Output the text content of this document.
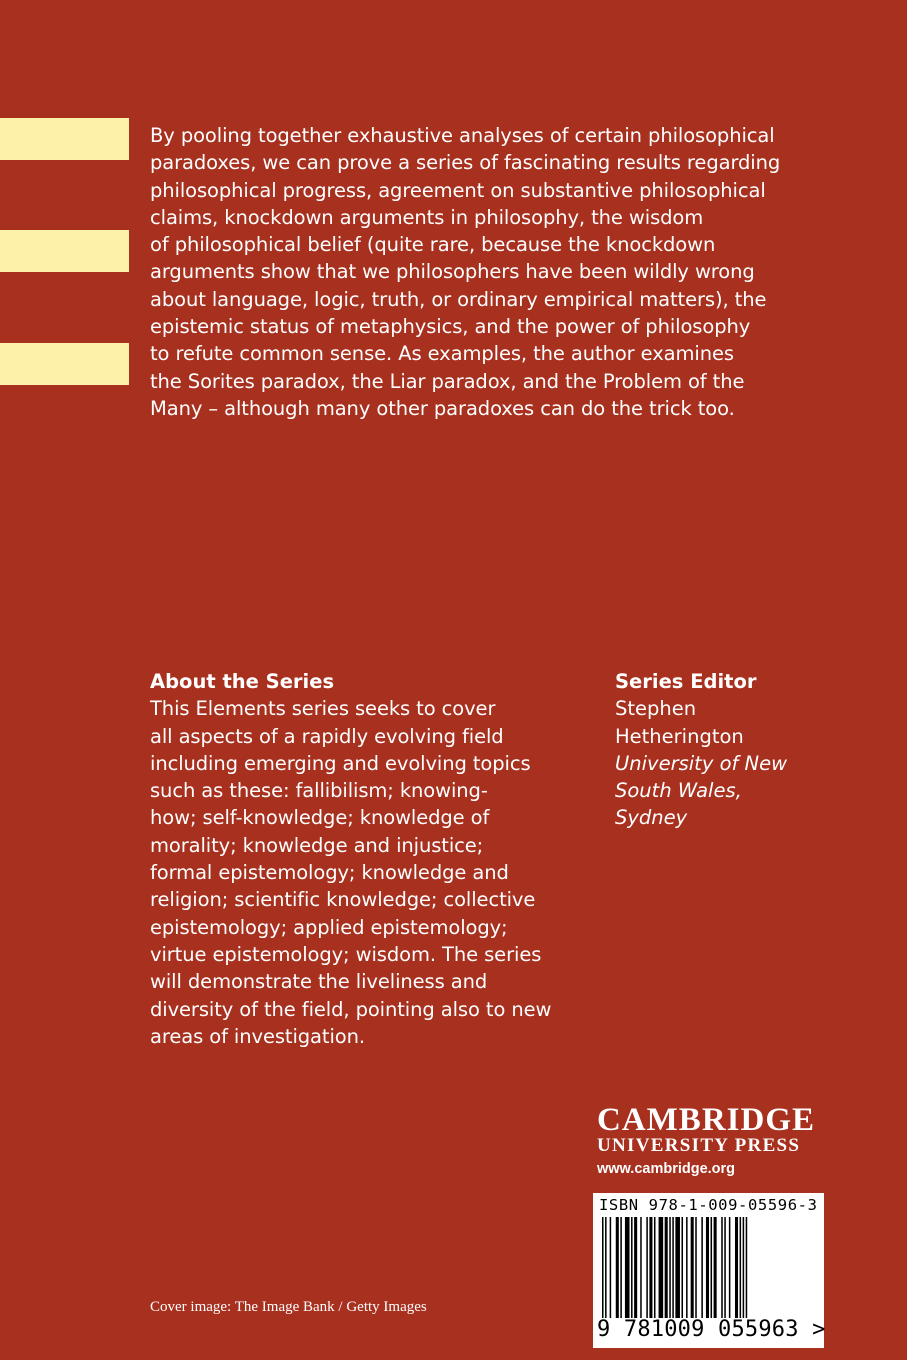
By pooling together exhaustive analyses of certain philosophical
paradoxes, we can prove a series of fascinating results regarding
philosophical progress, agreement on substantive philosophical
claims, knockdown arguments in philosophy, the wisdom
of philosophical belief (quite rare, because the knockdown
arguments show that we philosophers have been wildly wrong
about language, logic, truth, or ordinary empirical matters), the
epistemic status of metaphysics, and the power of philosophy
to refute common sense. As examples, the author examines
the Sorites paradox, the Liar paradox, and the Problem of the
Many – although many other paradoxes can do the trick too.

About the Series
This Elements series seeks to cover
all aspects of a rapidly evolving field
including emerging and evolving topics
such as these: fallibilism; knowing-
how; self-knowledge; knowledge of
morality; knowledge and injustice;
formal epistemology; knowledge and
religion; scientific knowledge; collective
epistemology; applied epistemology;
virtue epistemology; wisdom. The series
will demonstrate the liveliness and
diversity of the field, pointing also to new
areas of investigation.
Series Editor
Stephen
Hetherington
University of New
South Wales,
Sydney
CAMBRIDGE
UNIVERSITY PRESS
www.cambridge.org
ISBN 978-1-009-05596-3
9 781009 055963 >
Cover image: The Image Bank / Getty Images
